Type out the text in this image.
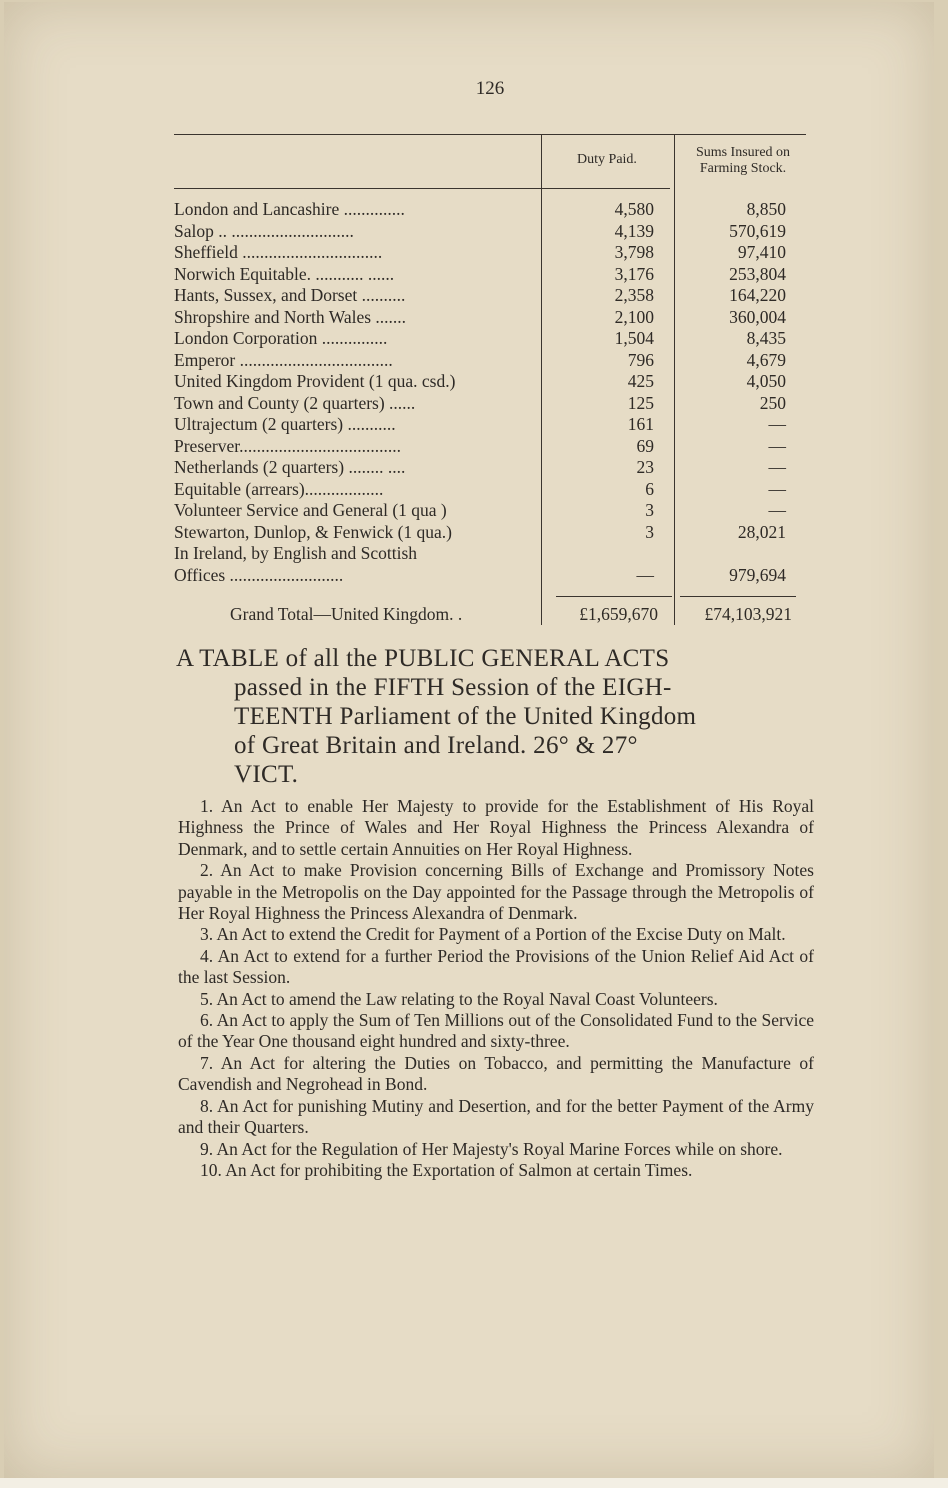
126
Duty Paid.	Sums Insured on
Farming Stock.
London and Lancashire ..............	4,580	8,850
Salop .. ............................	4,139	570,619
Sheffield ................................	3,798	97,410
Norwich Equitable. ........... ......	3,176	253,804
Hants, Sussex, and Dorset ..........	2,358	164,220
Shropshire and North Wales .......	2,100	360,004
London Corporation ...............	1,504	8,435
Emperor ...................................	796	4,679
United Kingdom Provident (1 qua. csd.)	425	4,050
Town and County (2 quarters) ......	125	250
Ultrajectum (2 quarters) ...........	161	—
Preserver.....................................	69	—
Netherlands (2 quarters) ........ ....	23	—
Equitable (arrears)..................	6	—
Volunteer Service and General (1 qua )	3	—
Stewarton, Dunlop, & Fenwick (1 qua.)	3	28,021
In Ireland, by English and Scottish
Offices ..........................	—	979,694
Grand Total—United Kingdom. .	£1,659,670	£74,103,921
A TABLE of all the PUBLIC GENERAL ACTS
passed in the FIFTH Session of the EIGH-
TEENTH Parliament of the United Kingdom
of Great Britain and Ireland. 26° & 27°
VICT.

1. An Act to enable Her Majesty to provide for the Establishment of His Royal Highness the Prince of Wales and Her Royal Highness the Princess Alexandra of Denmark, and to settle certain Annuities on Her Royal Highness.

2. An Act to make Provision concerning Bills of Exchange and Promissory Notes payable in the Metropolis on the Day appointed for the Passage through the Metropolis of Her Royal Highness the Princess Alexandra of Denmark.

3. An Act to extend the Credit for Payment of a Portion of the Excise Duty on Malt.

4. An Act to extend for a further Period the Provisions of the Union Relief Aid Act of the last Session.

5. An Act to amend the Law relating to the Royal Naval Coast Volunteers.

6. An Act to apply the Sum of Ten Millions out of the Consolidated Fund to the Service of the Year One thousand eight hundred and sixty-three.

7. An Act for altering the Duties on Tobacco, and permitting the Manufacture of Cavendish and Negrohead in Bond.

8. An Act for punishing Mutiny and Desertion, and for the better Payment of the Army and their Quarters.

9. An Act for the Regulation of Her Majesty's Royal Marine Forces while on shore.

10. An Act for prohibiting the Exportation of Salmon at certain Times.
